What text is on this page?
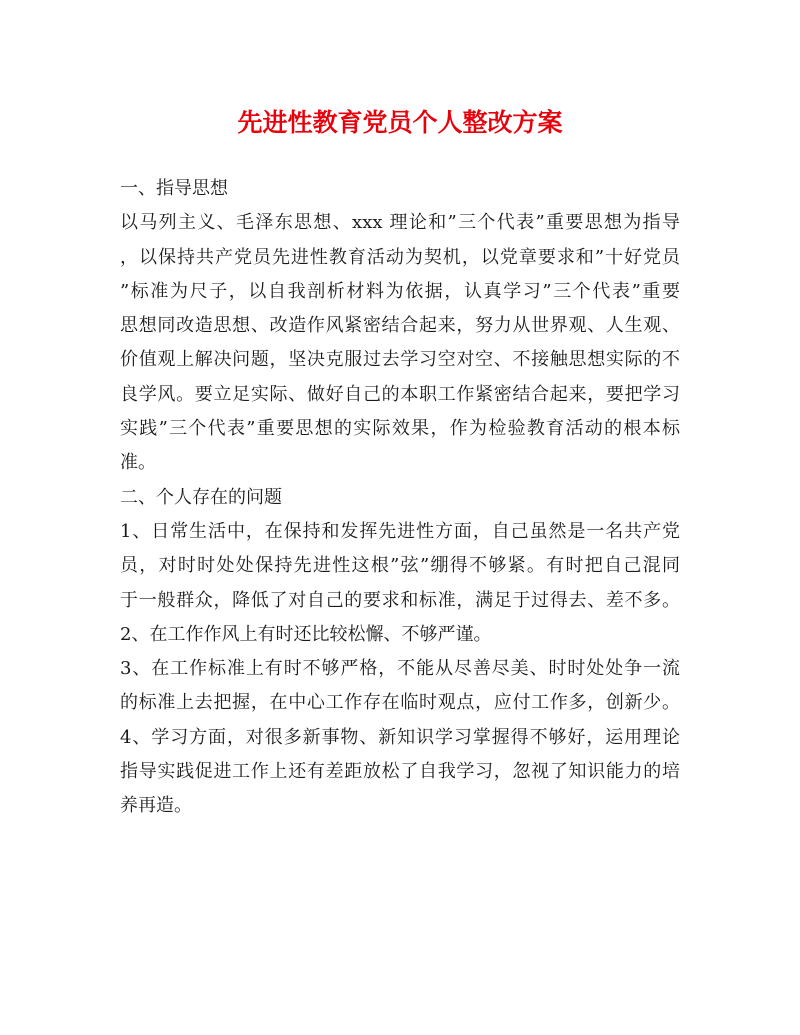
先进性教育党员个人整改方案
一、指导思想
以马列主义、毛泽东思想、xxx 理论和”三个代表”重要思想为指导
，以保持共产党员先进性教育活动为契机，以党章要求和”十好党员
”标准为尺子，以自我剖析材料为依据，认真学习”三个代表”重要
思想同改造思想、改造作风紧密结合起来，努力从世界观、人生观、
价值观上解决问题，坚决克服过去学习空对空、不接触思想实际的不
良学风。要立足实际、做好自己的本职工作紧密结合起来，要把学习
实践”三个代表”重要思想的实际效果，作为检验教育活动的根本标
准。
二、个人存在的问题
1、日常生活中，在保持和发挥先进性方面，自己虽然是一名共产党
员，对时时处处保持先进性这根”弦”绷得不够紧。有时把自己混同
于一般群众，降低了对自己的要求和标准，满足于过得去、差不多。
2、在工作作风上有时还比较松懈、不够严谨。
3、在工作标准上有时不够严格，不能从尽善尽美、时时处处争一流
的标准上去把握，在中心工作存在临时观点，应付工作多，创新少。
4、学习方面，对很多新事物、新知识学习掌握得不够好，运用理论
指导实践促进工作上还有差距放松了自我学习，忽视了知识能力的培
养再造。
